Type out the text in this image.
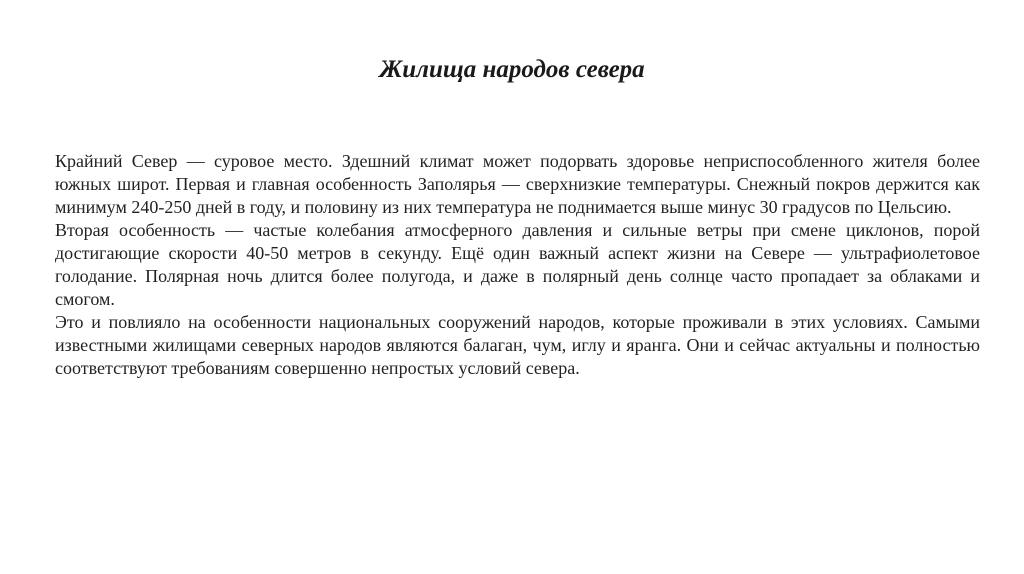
Жилища народов севера

Крайний Север — суровое место. Здешний климат может подорвать здоровье неприспособленного жителя более южных широт. Первая и главная особенность Заполярья — сверхнизкие температуры. Снежный покров держится как минимум 240-250 дней в году, и половину из них температура не поднимается выше минус 30 градусов по Цельсию.

Вторая особенность — частые колебания атмосферного давления и сильные ветры при смене циклонов, порой достигающие скорости 40-50 метров в секунду. Ещё один важный аспект жизни на Севере — ультрафиолетовое голодание. Полярная ночь длится более полугода, и даже в полярный день солнце часто пропадает за облаками и смогом.

Это и повлияло на особенности национальных сооружений народов, которые проживали в этих условиях. Самыми известными жилищами северных народов являются балаган, чум, иглу и яранга. Они и сейчас актуальны и полностью соответствуют требованиям совершенно непростых условий севера.
